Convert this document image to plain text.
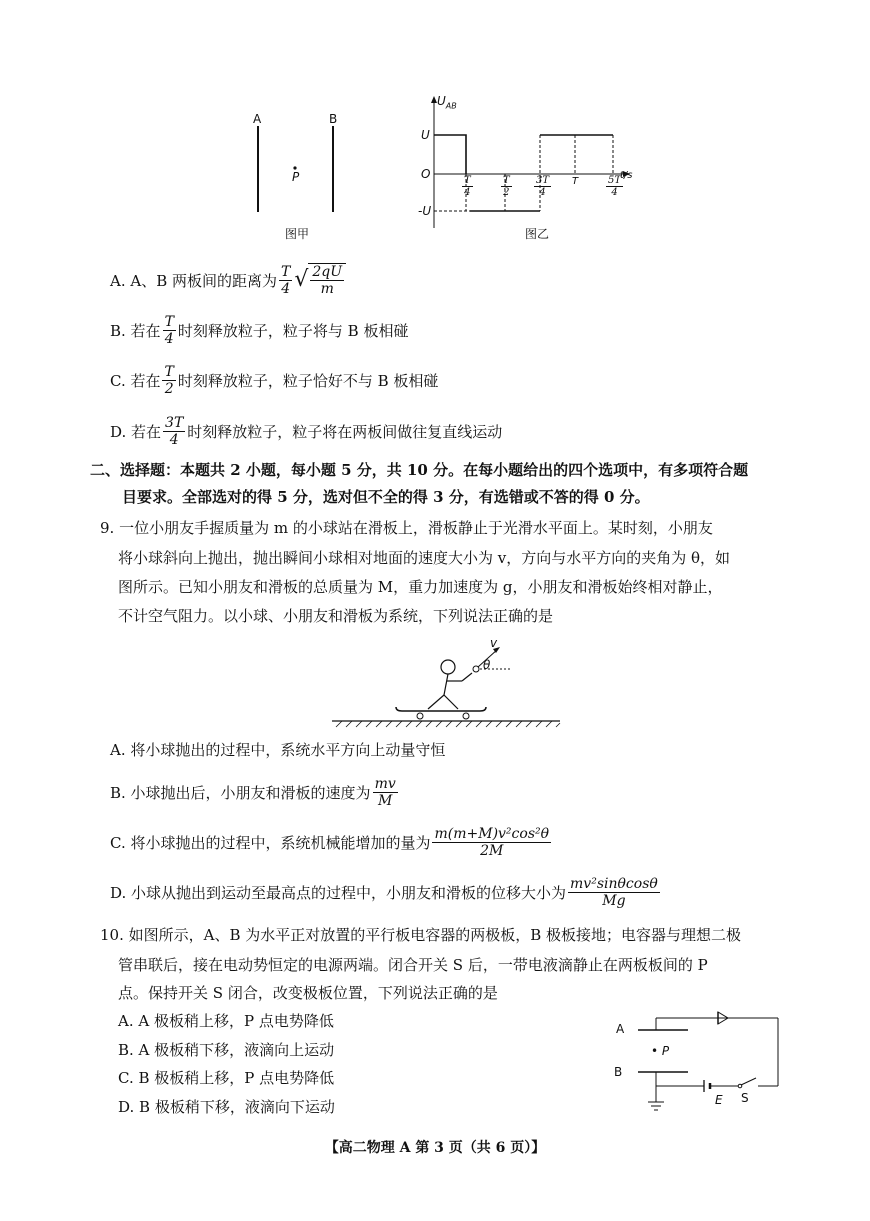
A	B
P
图甲
$U_{AB}$
U
O
-U
t/s
$\frac{T}{4}$	$\frac{T}{2} \frac{3T}{4}$ T	$\frac{5T}{4}$
图乙
A. A、B 两板间的距离为 $\frac{T}{4}$ √ $\frac{2qU}{m}$
B. 若在 $\frac{T}{4}$ 时刻释放粒子，粒子将与 B 板相碰
C. 若在 $\frac{T}{2}$ 时刻释放粒子，粒子恰好不与 B 板相碰
D. 若在 $\frac{3T}{4}$ 时刻释放粒子，粒子将在两板间做往复直线运动
二、选择题：本题共 2 小题，每小题 5 分，共 10 分。在每小题给出的四个选项中，有多项符合题
目要求。全部选对的得 5 分，选对但不全的得 3 分，有选错或不答的得 0 分。
9. 一位小朋友手握质量为 m 的小球站在滑板上，滑板静止于光滑水平面上。某时刻，小朋友
将小球斜向上抛出，抛出瞬间小球相对地面的速度大小为 v，方向与水平方向的夹角为 θ，如
图所示。已知小朋友和滑板的总质量为 M，重力加速度为 g，小朋友和滑板始终相对静止，
不计空气阻力。以小球、小朋友和滑板为系统，下列说法正确的是
v
θ
A. 将小球抛出的过程中，系统水平方向上动量守恒
B. 小球抛出后，小朋友和滑板的速度为 $\frac{mv}{M}$
C. 将小球抛出的过程中，系统机械能增加的量为 $\frac{\text{m(m+M)v²cos²θ}}{2M}$
D. 小球从抛出到运动至最高点的过程中，小朋友和滑板的位移大小为 $\frac{\text{mv²sinθcosθ}}{Mg}$
10. 如图所示，A、B 为水平正对放置的平行板电容器的两极板，B 极板接地；电容器与理想二极
管串联后，接在电动势恒定的电源两端。闭合开关 S 后，一带电液滴静止在两板板间的 P
点。保持开关 S 闭合，改变极板位置，下列说法正确的是
A. A 极板稍上移，P 点电势降低
B. A 极板稍下移，液滴向上运动
C. B 极板稍上移，P 点电势降低
D. B 极板稍下移，液滴向下运动
A
B
• P
E S
【高二物理 A 第 3 页（共 6 页）】
